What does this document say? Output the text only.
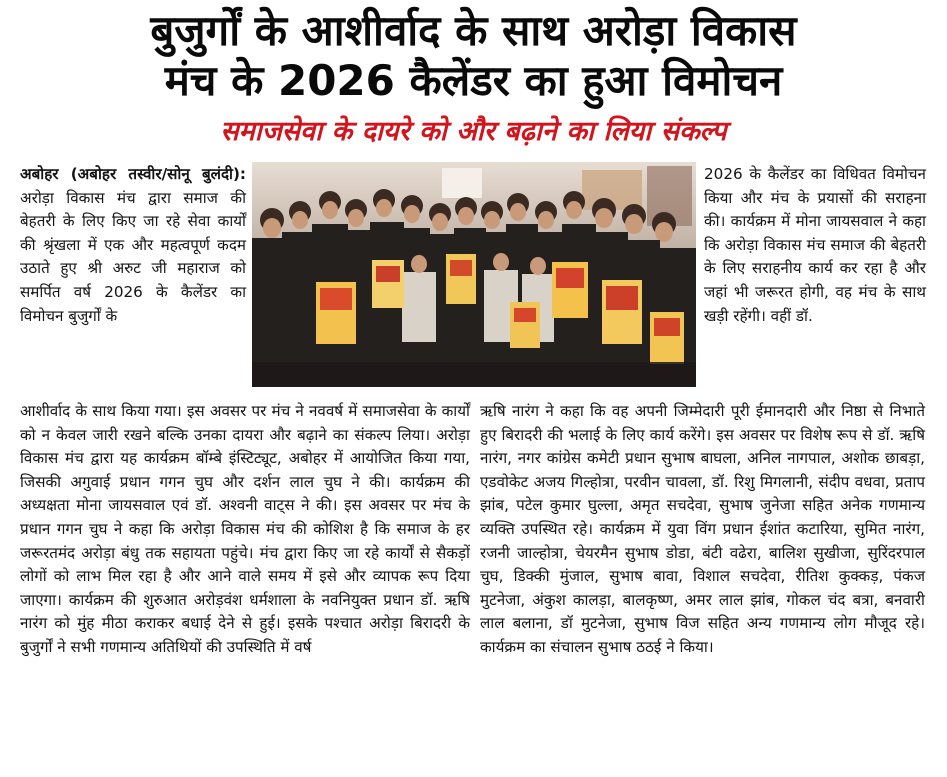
बुजुर्गों के आशीर्वाद के साथ अरोड़ा विकास
मंच के 2026 कैलेंडर का हुआ विमोचन
समाजसेवा के दायरे को और बढ़ाने का लिया संकल्प
अबोहर (अबोहर तस्वीर/सोनू बुलंदी): अरोड़ा विकास मंच द्वारा समाज की बेहतरी के लिए किए जा रहे सेवा कार्यों की श्रृंखला में एक और महत्वपूर्ण कदम उठाते हुए श्री अरुट जी महाराज को समर्पित वर्ष 2026 के कैलेंडर का विमोचन बुजुर्गों के
2026 के कैलेंडर का विधिवत विमोचन किया और मंच के प्रयासों की सराहना की। कार्यक्रम में मोना जायसवाल ने कहा कि अरोड़ा विकास मंच समाज की बेहतरी के लिए सराहनीय कार्य कर रहा है और जहां भी जरूरत होगी, वह मंच के साथ खड़ी रहेंगी। वहीं डॉ.
आशीर्वाद के साथ किया गया। इस अवसर पर मंच ने नववर्ष में समाजसेवा के कार्यों को न केवल जारी रखने बल्कि उनका दायरा और बढ़ाने का संकल्प लिया। अरोड़ा विकास मंच द्वारा यह कार्यक्रम बॉम्बे इंस्टिट्यूट, अबोहर में आयोजित किया गया, जिसकी अगुवाई प्रधान गगन चुघ और दर्शन लाल चुघ ने की। कार्यक्रम की अध्यक्षता मोना जायसवाल एवं डॉ. अश्वनी वाट्स ने की। इस अवसर पर मंच के प्रधान गगन चुघ ने कहा कि अरोड़ा विकास मंच की कोशिश है कि समाज के हर जरूरतमंद अरोड़ा बंधु तक सहायता पहुंचे। मंच द्वारा किए जा रहे कार्यों से सैकड़ों लोगों को लाभ मिल रहा है और आने वाले समय में इसे और व्यापक रूप दिया जाएगा। कार्यक्रम की शुरुआत अरोड़वंश धर्मशाला के नवनियुक्त प्रधान डॉ. ऋषि नारंग को मुंह मीठा कराकर बधाई देने से हुई। इसके पश्चात अरोड़ा बिरादरी के बुजुर्गों ने सभी गणमान्य अतिथियों की उपस्थिति में वर्ष
ऋषि नारंग ने कहा कि वह अपनी जिम्मेदारी पूरी ईमानदारी और निष्ठा से निभाते हुए बिरादरी की भलाई के लिए कार्य करेंगे। इस अवसर पर विशेष रूप से डॉ. ऋषि नारंग, नगर कांग्रेस कमेटी प्रधान सुभाष बाघला, अनिल नागपाल, अशोक छाबड़ा, एडवोकेट अजय गिल्होत्रा, परवीन चावला, डॉ. रिशु मिगलानी, संदीप वधवा, प्रताप झांब, पटेल कुमार घुल्ला, अमृत सचदेवा, सुभाष जुनेजा सहित अनेक गणमान्य व्यक्ति उपस्थित रहे। कार्यक्रम में युवा विंग प्रधान ईशांत कटारिया, सुमित नारंग, रजनी जाल्होत्रा, चेयरमैन सुभाष डोडा, बंटी वढेरा, बालिश सुखीजा, सुरिंदरपाल चुघ, डिक्की मुंजाल, सुभाष बावा, विशाल सचदेवा, रीतिश कुक्कड़, पंकज मुटनेजा, अंकुश कालड़ा, बालकृष्ण, अमर लाल झांब, गोकल चंद बत्रा, बनवारी लाल बलाना, डॉ मुटनेजा, सुभाष विज सहित अन्य गणमान्य लोग मौजूद रहे। कार्यक्रम का संचालन सुभाष ठठई ने किया।
